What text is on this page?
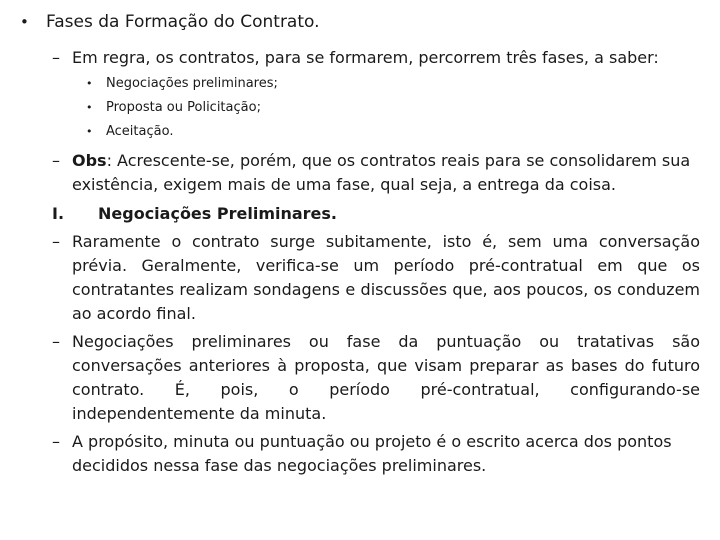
•	Fases da Formação do Contrato.
– Em regra, os contratos, para se formarem, percorrem três fases, a saber:
•	Negociações preliminares;
•	Proposta ou Policitação;
•	Aceitação.
– Obs: Acrescente-se, porém, que os contratos reais para se consolidarem sua existência, exigem mais de uma fase, qual seja, a entrega da coisa.
I.	Negociações Preliminares.
– Raramente o contrato surge subitamente, isto é, sem uma conversação prévia. Geralmente, verifica-se um período pré-contratual em que os contratantes realizam sondagens e discussões que, aos poucos, os conduzem ao acordo final.
– Negociações preliminares ou fase da puntuação ou tratativas são conversações anteriores à proposta, que visam preparar as bases do futuro contrato. É, pois, o período pré-contratual, configurando-se independentemente da minuta.
– A propósito, minuta ou puntuação ou projeto é o escrito acerca dos pontos decididos nessa fase das negociações preliminares.
